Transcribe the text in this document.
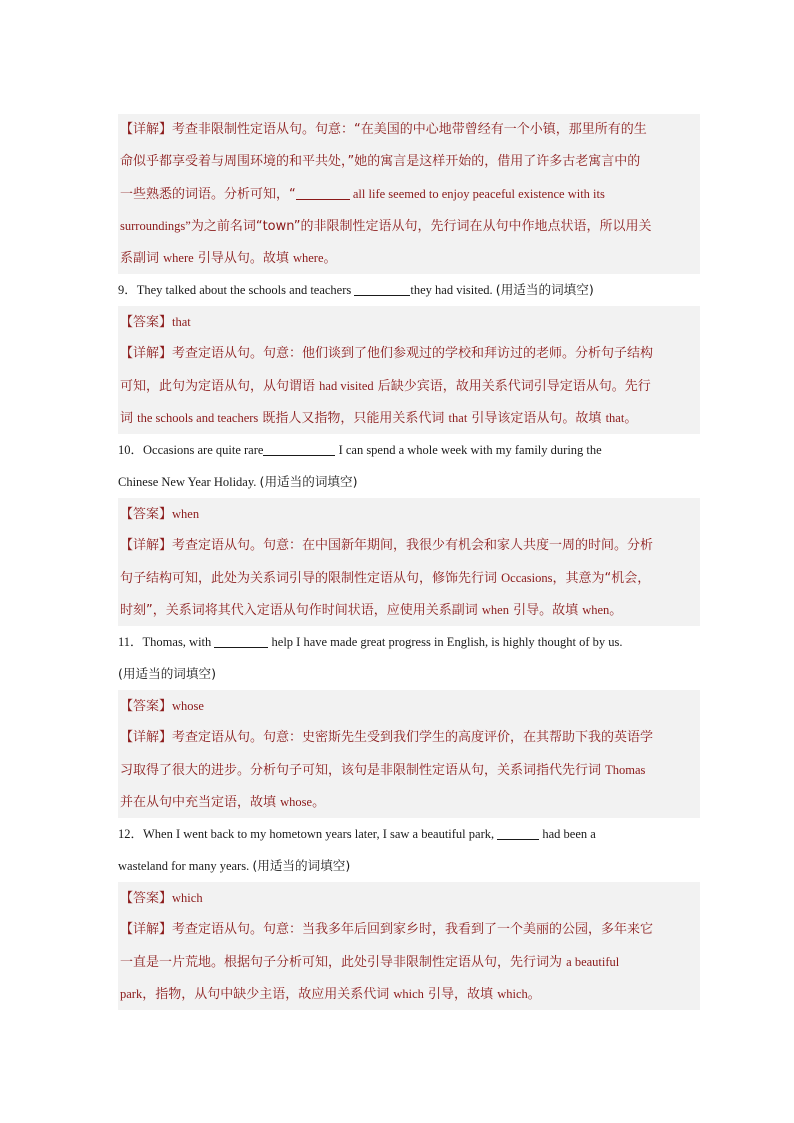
【详解】考查非限制性定语从句。句意：“在美国的中心地带曾经有一个小镇，那里所有的生
命似乎都享受着与周围环境的和平共处，”她的寓言是这样开始的，借用了许多古老寓言中的
一些熟悉的词语。分析可知，“	all life seemed to enjoy peaceful existence with its
surroundings”为之前名词“town”的非限制性定语从句，先行词在从句中作地点状语，所以用关
系副词 where 引导从句。故填 where。
9．They talked about the schools and teachers	they had visited. (用适当的词填空)
【答案】that
【详解】考查定语从句。句意：他们谈到了他们参观过的学校和拜访过的老师。分析句子结构
可知，此句为定语从句，从句谓语 had visited 后缺少宾语，故用关系代词引导定语从句。先行
词 the schools and teachers 既指人又指物，只能用关系代词 that 引导该定语从句。故填 that。
10．Occasions are quite rare	I can spend a whole week with my family during the
Chinese New Year Holiday. (用适当的词填空)
【答案】when
【详解】考查定语从句。句意：在中国新年期间，我很少有机会和家人共度一周的时间。分析
句子结构可知，此处为关系词引导的限制性定语从句，修饰先行词 Occasions，其意为“机会，
时刻”，关系词将其代入定语从句作时间状语，应使用关系副词 when 引导。故填 when。
11．Thomas, with	help I have made great progress in English, is highly thought of by us.
(用适当的词填空)
【答案】whose
【详解】考查定语从句。句意：史密斯先生受到我们学生的高度评价，在其帮助下我的英语学
习取得了很大的进步。分析句子可知，该句是非限制性定语从句，关系词指代先行词 Thomas
并在从句中充当定语，故填 whose。
12．When I went back to my hometown years later, I saw a beautiful park,	had been a
wasteland for many years. (用适当的词填空)
【答案】which
【详解】考查定语从句。句意：当我多年后回到家乡时，我看到了一个美丽的公园，多年来它
一直是一片荒地。根据句子分析可知，此处引导非限制性定语从句，先行词为 a beautiful
park，指物，从句中缺少主语，故应用关系代词 which 引导，故填 which。
